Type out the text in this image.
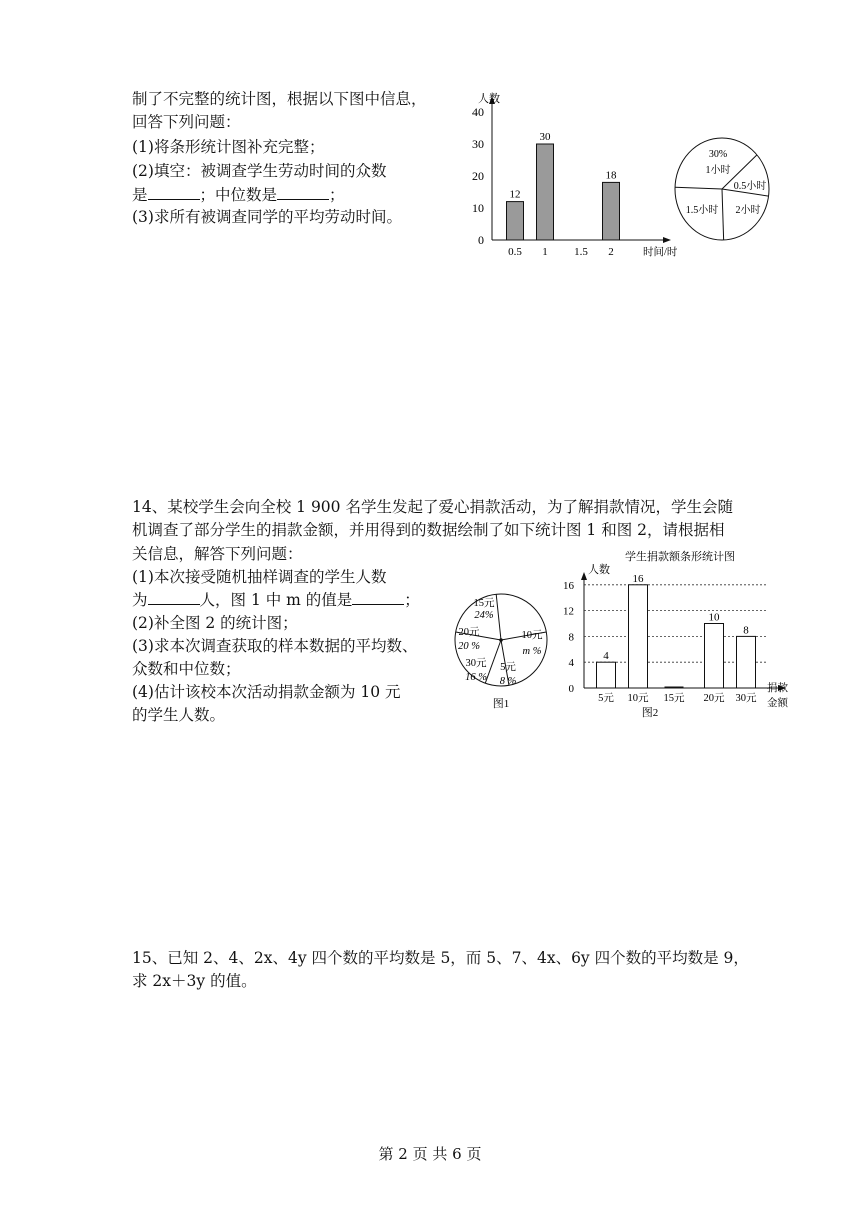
制了不完整的统计图，根据以下图中信息，
回答下列问题：
(1)将条形统计图补充完整；
(2)填空：被调查学生劳动时间的众数
是	；中位数是	；
(3)求所有被调查同学的平均劳动时间。
0
10
20
30
40
人数
0.5
12
1
30
1.5 2
18
时间/时
30%
1小时
0.5小时
2小时
1.5小时
14、某校学生会向全校 1 900 名学生发起了爱心捐款活动，为了解捐款情况，学生会随
机调查了部分学生的捐款金额，并用得到的数据绘制了如下统计图 1 和图 2，请根据相
关信息，解答下列问题：
(1)本次接受随机抽样调查的学生人数
为	人，图 1 中 m 的值是	；
(2)补全图 2 的统计图；
(3)求本次调查获取的样本数据的平均数、
众数和中位数；
(4)估计该校本次活动捐款金额为 10 元
的学生人数。
15元
24%
10元
m %
5元
8 %
30元
16 %
20元
20 %
图1
学生捐款额条形统计图
人数
0
4
8
12
16
5元
4
10元
16
15元 20元
10
30元
8
捐款
金额
图2
15、已知 2、4、2x、4y 四个数的平均数是 5，而 5、7、4x、6y 四个数的平均数是 9，
求 2x＋3y 的值。
第 2 页 共 6 页
